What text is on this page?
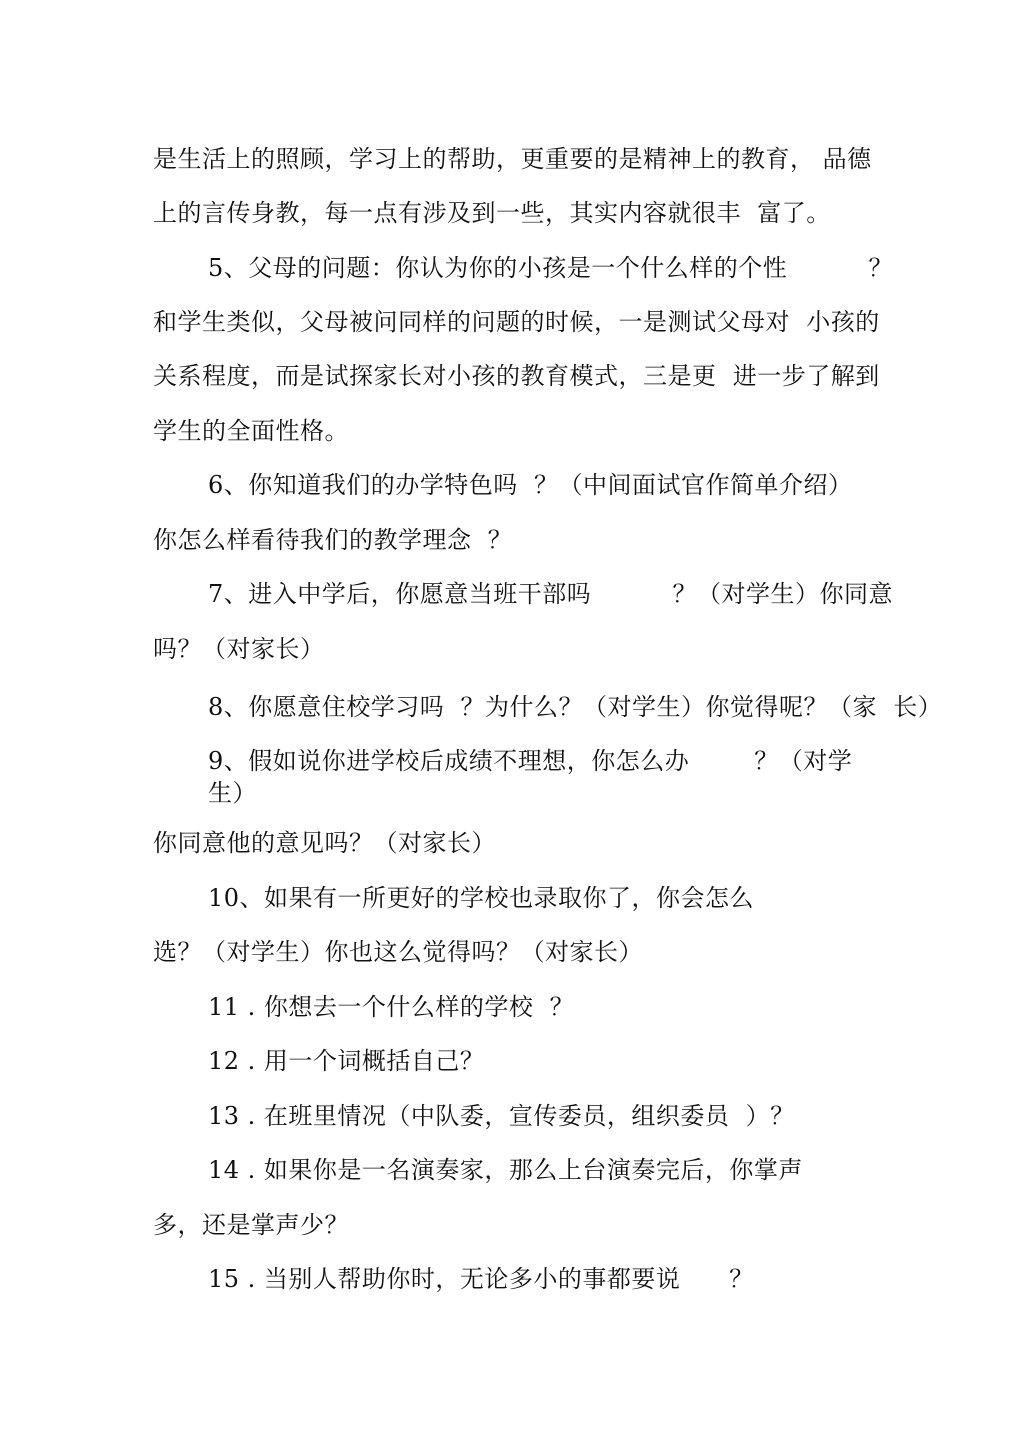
是生活上的照顾，学习上的帮助，更重要的是精神上的教育， 品德
上的言传身教，每一点有涉及到一些，其实内容就很丰  富了。
5、父母的问题：你认为你的小孩是一个什么样的个性          ？
和学生类似，父母被问同样的问题的时候，一是测试父母对  小孩的
关系程度，而是试探家长对小孩的教育模式，三是更  进一步了解到
学生的全面性格。
6、你知道我们的办学特色吗  ？（中间面试官作简单介绍）
你怎么样看待我们的教学理念  ？
7、进入中学后，你愿意当班干部吗          ？（对学生）你同意
吗？（对家长）
8、你愿意住校学习吗  ？为什么？（对学生）你觉得呢？（家  长）
9、假如说你进学校后成绩不理想，你怎么办        ？（对学
生）
你同意他的意见吗？（对家长）
10、如果有一所更好的学校也录取你了，你会怎么
选？（对学生）你也这么觉得吗？（对家长）
11 . 你想去一个什么样的学校  ？
12 . 用一个词概括自己？
13 . 在班里情况（中队委，宣传委员，组织委员  ）？
14 . 如果你是一名演奏家，那么上台演奏完后，你掌声
多，还是掌声少？
15 . 当别人帮助你时，无论多小的事都要说      ？
